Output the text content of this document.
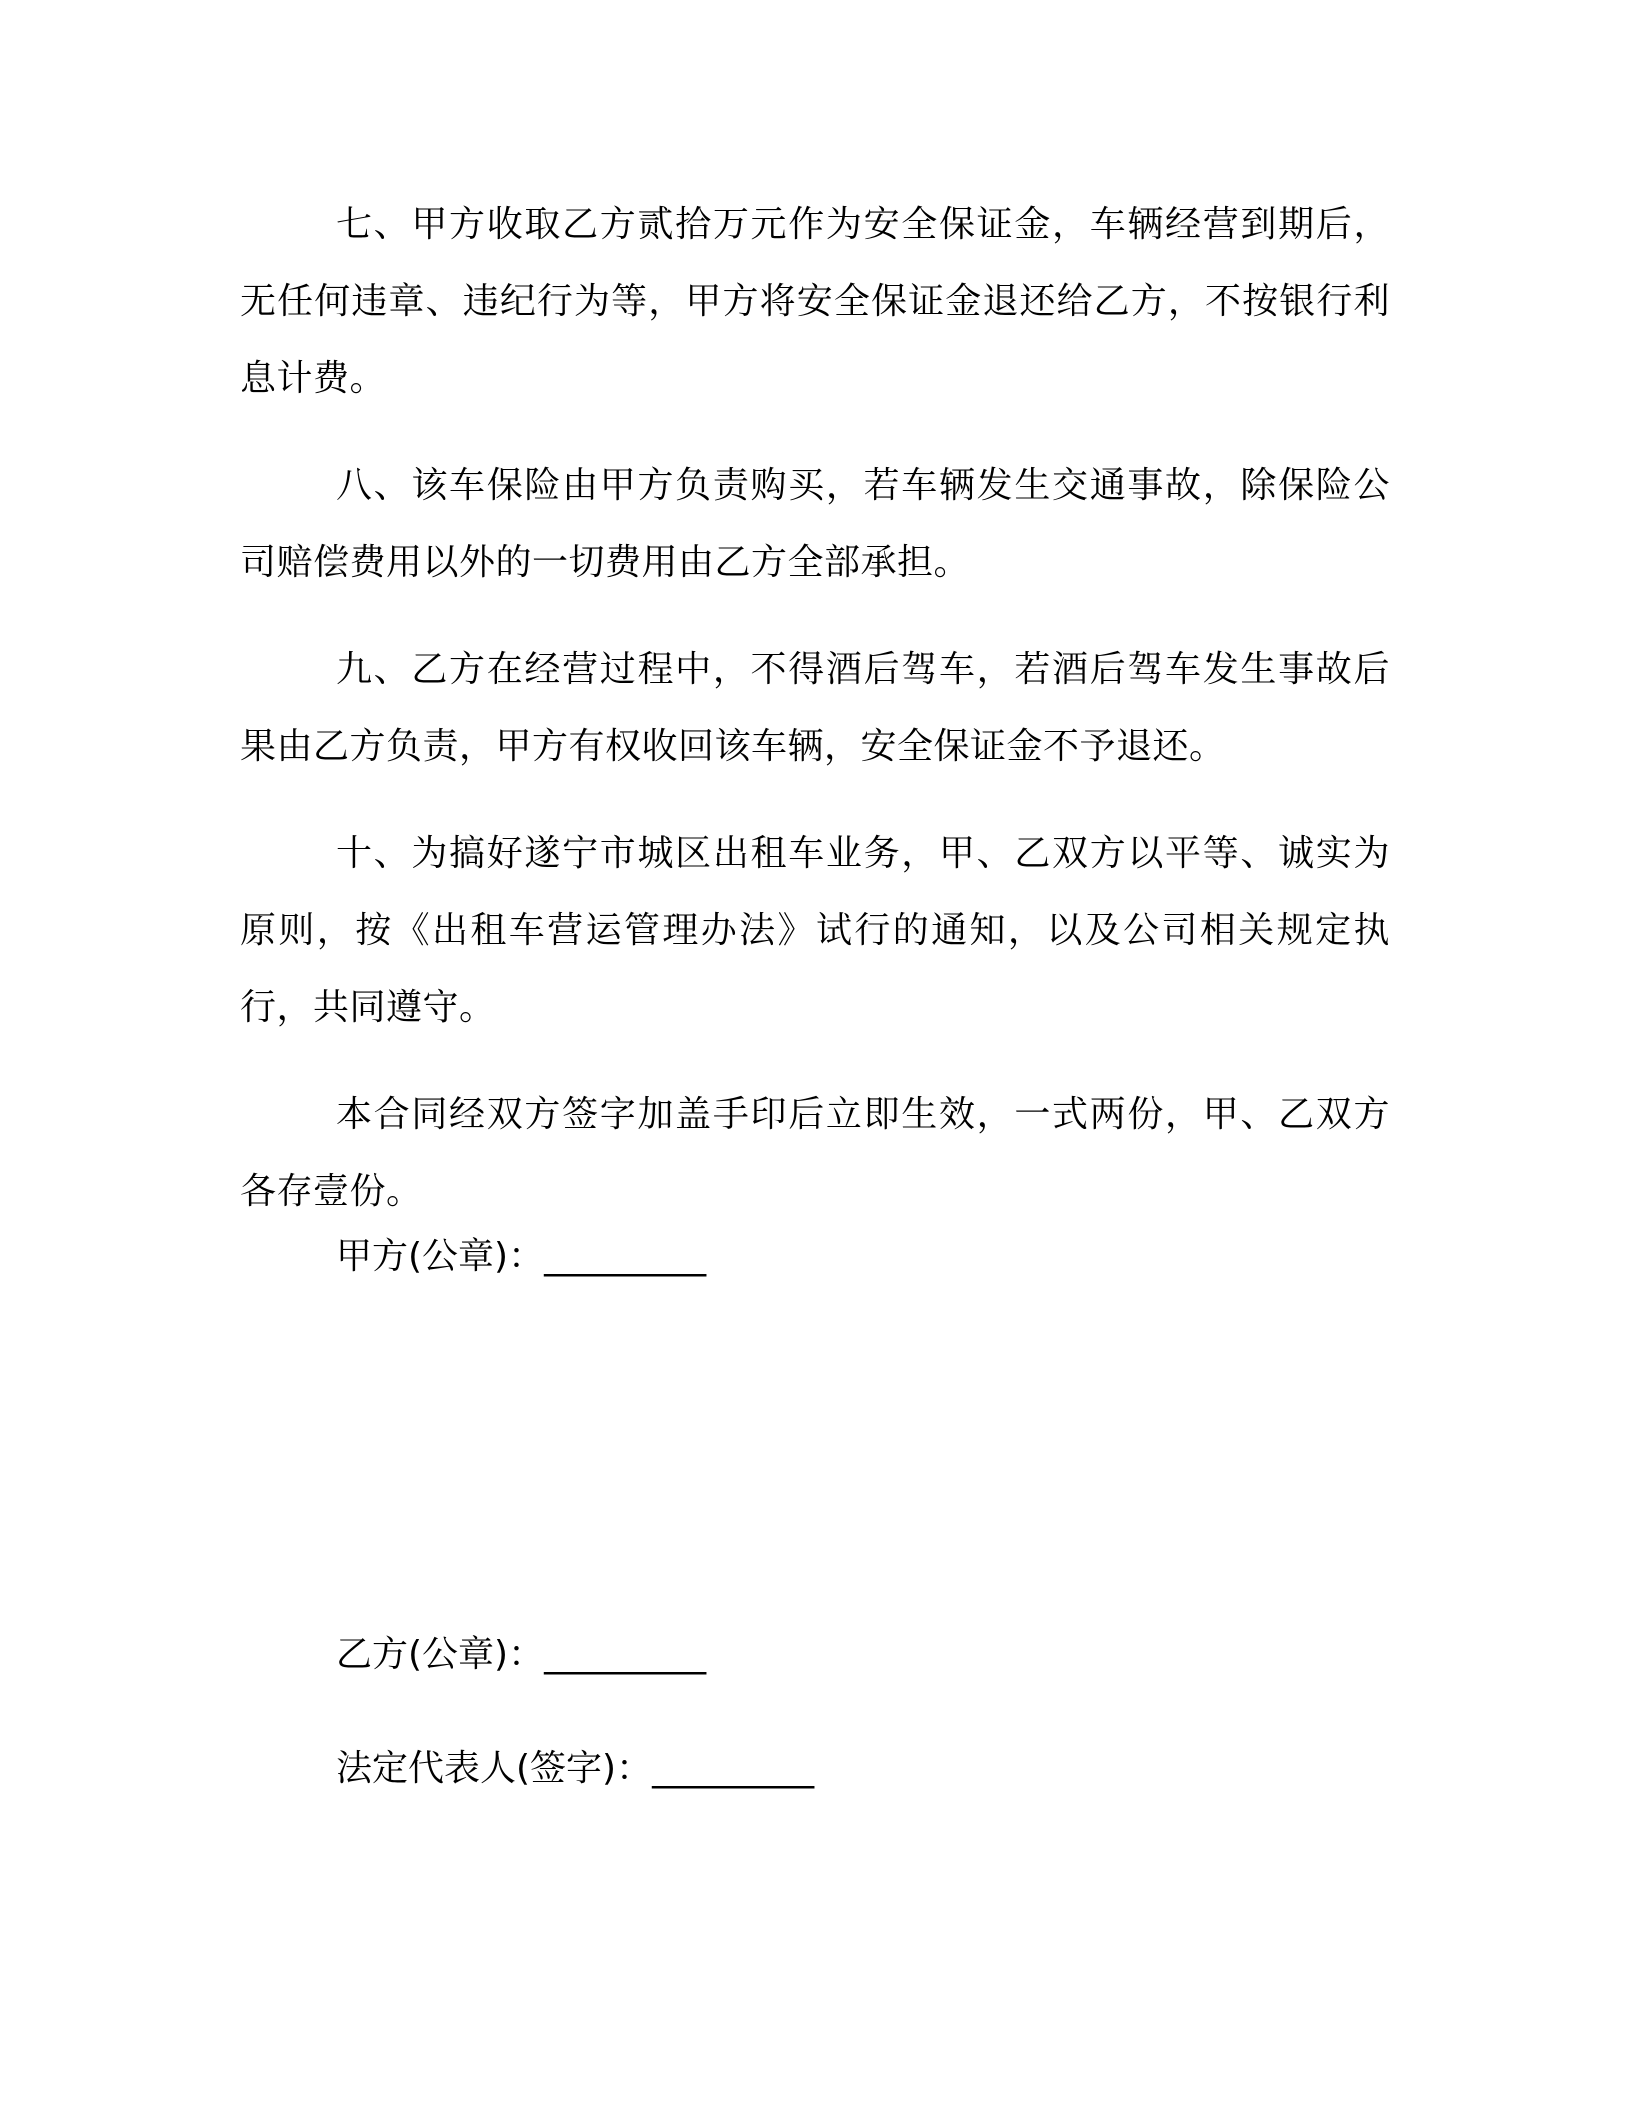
七、甲方收取乙方贰拾万元作为安全保证金，车辆经营到期后，无任何违章、违纪行为等，甲方将安全保证金退还给乙方，不按银行利息计费。

八、该车保险由甲方负责购买，若车辆发生交通事故，除保险公司赔偿费用以外的一切费用由乙方全部承担。

九、乙方在经营过程中，不得酒后驾车，若酒后驾车发生事故后果由乙方负责，甲方有权收回该车辆，安全保证金不予退还。

十、为搞好遂宁市城区出租车业务，甲、乙双方以平等、诚实为原则，按《出租车营运管理办法》试行的通知，以及公司相关规定执行，共同遵守。

本合同经双方签字加盖手印后立即生效，一式两份，甲、乙双方各存壹份。

甲方(公章)：_________
乙方(公章)：_________
法定代表人(签字)：_________
